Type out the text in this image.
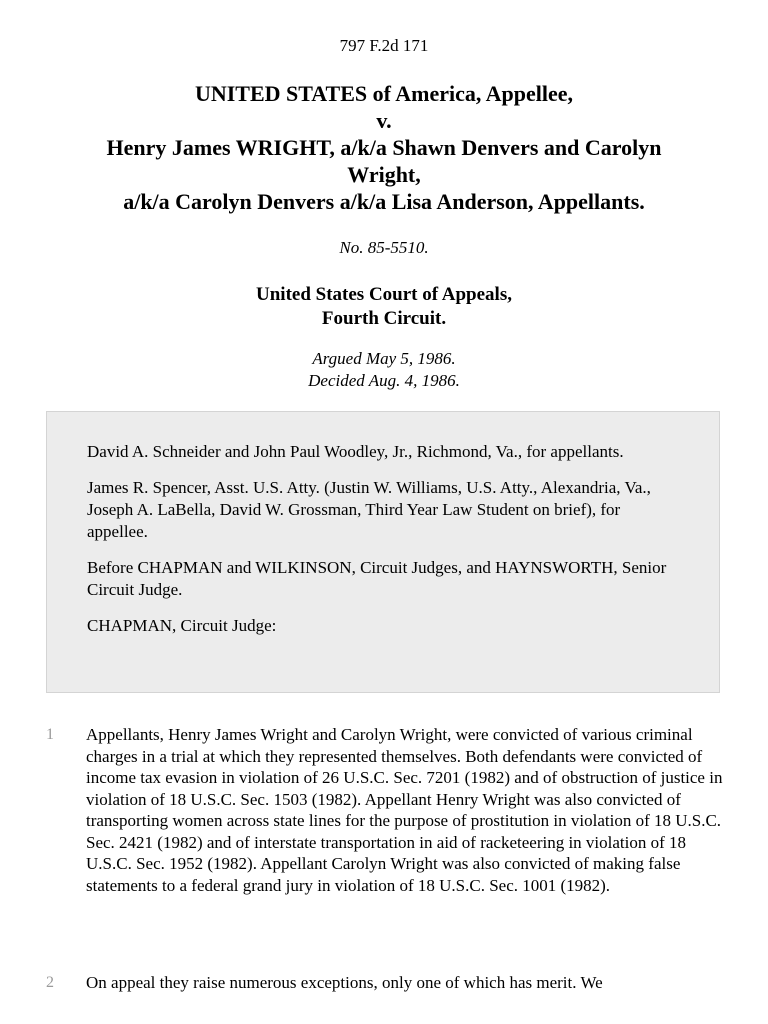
797 F.2d 171
UNITED STATES of America, Appellee,
v.
Henry James WRIGHT, a/k/a Shawn Denvers and Carolyn
Wright,
a/k/a Carolyn Denvers a/k/a Lisa Anderson, Appellants.
No. 85-5510.
United States Court of Appeals,
Fourth Circuit.
Argued May 5, 1986.
Decided Aug. 4, 1986.

David A. Schneider and John Paul Woodley, Jr., Richmond, Va., for appellants.

James R. Spencer, Asst. U.S. Atty. (Justin W. Williams, U.S. Atty., Alexandria, Va., Joseph A. LaBella, David W. Grossman, Third Year Law Student on brief), for appellee.

Before CHAPMAN and WILKINSON, Circuit Judges, and HAYNSWORTH, Senior Circuit Judge.

CHAPMAN, Circuit Judge:

1 Appellants, Henry James Wright and Carolyn Wright, were convicted of various criminal charges in a trial at which they represented themselves. Both defendants were convicted of income tax evasion in violation of 26 U.S.C. Sec. 7201 (1982) and of obstruction of justice in violation of 18 U.S.C. Sec. 1503 (1982). Appellant Henry Wright was also convicted of transporting women across state lines for the purpose of prostitution in violation of 18 U.S.C. Sec. 2421 (1982) and of interstate transportation in aid of racketeering in violation of 18 U.S.C. Sec. 1952 (1982). Appellant Carolyn Wright was also convicted of making false statements to a federal grand jury in violation of 18 U.S.C. Sec. 1001 (1982).
2 On appeal they raise numerous exceptions, only one of which has merit. We
